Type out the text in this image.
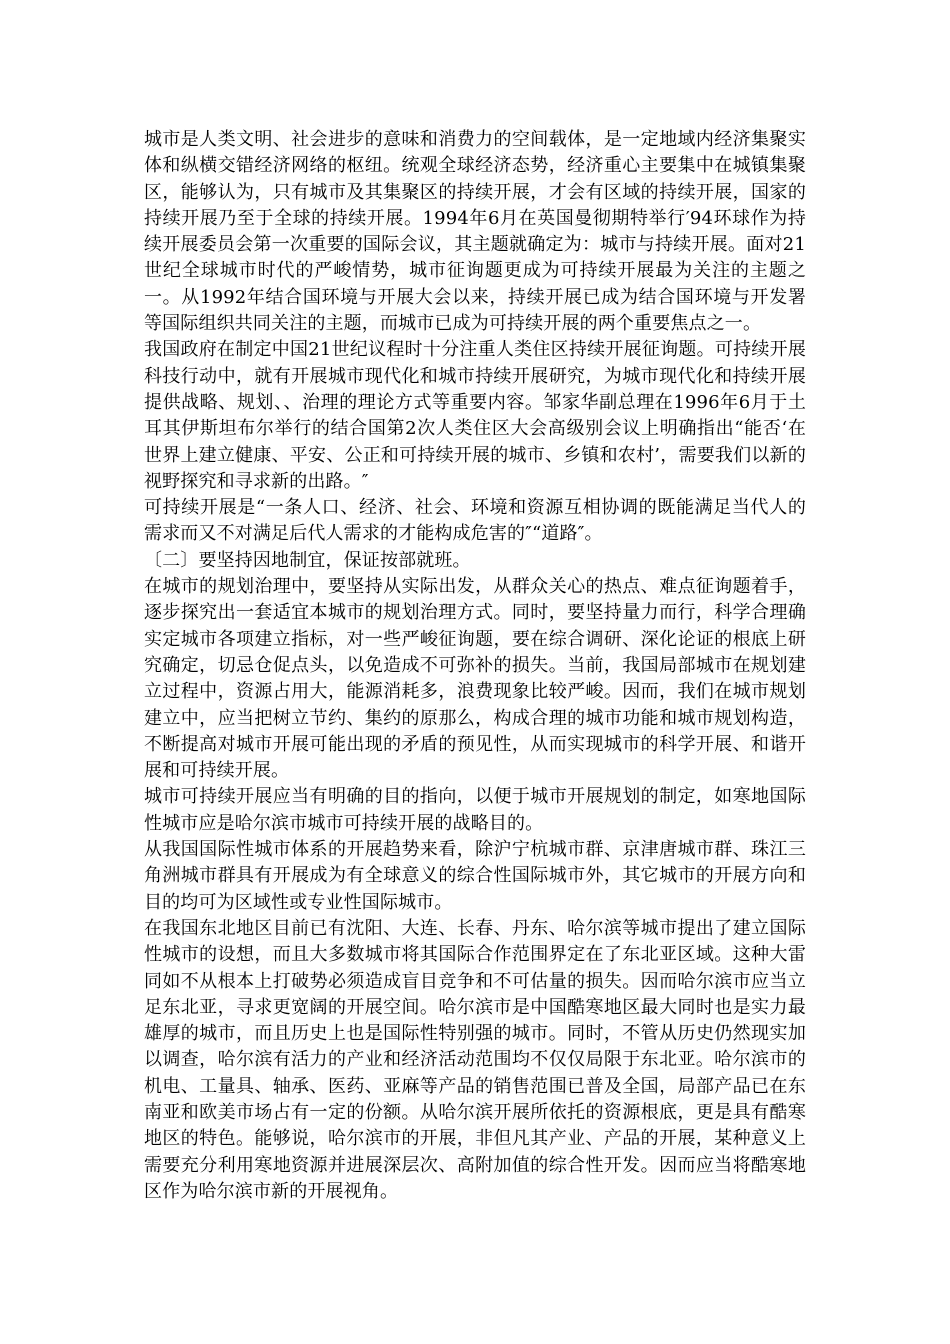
城市是人类文明、社会进步的意味和消费力的空间载体，是一定地域内经济集聚实体和纵横交错经济网络的枢纽。统观全球经济态势，经济重心主要集中在城镇集聚区，能够认为，只有城市及其集聚区的持续开展，才会有区域的持续开展，国家的持续开展乃至于全球的持续开展。1994年6月在英国曼彻期特举行′94环球作为持续开展委员会第一次重要的国际会议，其主题就确定为：城市与持续开展。面对21世纪全球城市时代的严峻情势，城市征询题更成为可持续开展最为关注的主题之一。从1992年结合国环境与开展大会以来，持续开展已成为结合国环境与开发署等国际组织共同关注的主题，而城市已成为可持续开展的两个重要焦点之一。

我国政府在制定中国21世纪议程时十分注重人类住区持续开展征询题。可持续开展科技行动中，就有开展城市现代化和城市持续开展研究，为城市现代化和持续开展提供战略、规划、、治理的理论方式等重要内容。邹家华副总理在1996年6月于土耳其伊斯坦布尔举行的结合国第2次人类住区大会高级别会议上明确指出“能否‘在世界上建立健康、平安、公正和可持续开展的城市、乡镇和农村’，需要我们以新的视野探究和寻求新的出路。″

可持续开展是“一条人口、经济、社会、环境和资源互相协调的既能满足当代人的需求而又不对满足后代人需求的才能构成危害的″“道路″。

〔二〕要坚持因地制宜，保证按部就班。

在城市的规划治理中，要坚持从实际出发，从群众关心的热点、难点征询题着手，逐步探究出一套适宜本城市的规划治理方式。同时，要坚持量力而行，科学合理确实定城市各项建立指标，对一些严峻征询题，要在综合调研、深化论证的根底上研究确定，切忌仓促点头，以免造成不可弥补的损失。当前，我国局部城市在规划建立过程中，资源占用大，能源消耗多，浪费现象比较严峻。因而，我们在城市规划建立中，应当把树立节约、集约的原那么，构成合理的城市功能和城市规划构造，不断提高对城市开展可能出现的矛盾的预见性，从而实现城市的科学开展、和谐开展和可持续开展。

城市可持续开展应当有明确的目的指向，以便于城市开展规划的制定，如寒地国际性城市应是哈尔滨市城市可持续开展的战略目的。

从我国国际性城市体系的开展趋势来看，除沪宁杭城市群、京津唐城市群、珠江三角洲城市群具有开展成为有全球意义的综合性国际城市外，其它城市的开展方向和目的均可为区域性或专业性国际城市。

在我国东北地区目前已有沈阳、大连、长春、丹东、哈尔滨等城市提出了建立国际性城市的设想，而且大多数城市将其国际合作范围界定在了东北亚区域。这种大雷同如不从根本上打破势必须造成盲目竞争和不可估量的损失。因而哈尔滨市应当立足东北亚，寻求更宽阔的开展空间。哈尔滨市是中国酷寒地区最大同时也是实力最雄厚的城市，而且历史上也是国际性特别强的城市。同时，不管从历史仍然现实加以调查，哈尔滨有活力的产业和经济活动范围均不仅仅局限于东北亚。哈尔滨市的机电、工量具、轴承、医药、亚麻等产品的销售范围已普及全国，局部产品已在东南亚和欧美市场占有一定的份额。从哈尔滨开展所依托的资源根底，更是具有酷寒地区的特色。能够说，哈尔滨市的开展，非但凡其产业、产品的开展，某种意义上需要充分利用寒地资源并进展深层次、高附加值的综合性开发。因而应当将酷寒地区作为哈尔滨市新的开展视角。
